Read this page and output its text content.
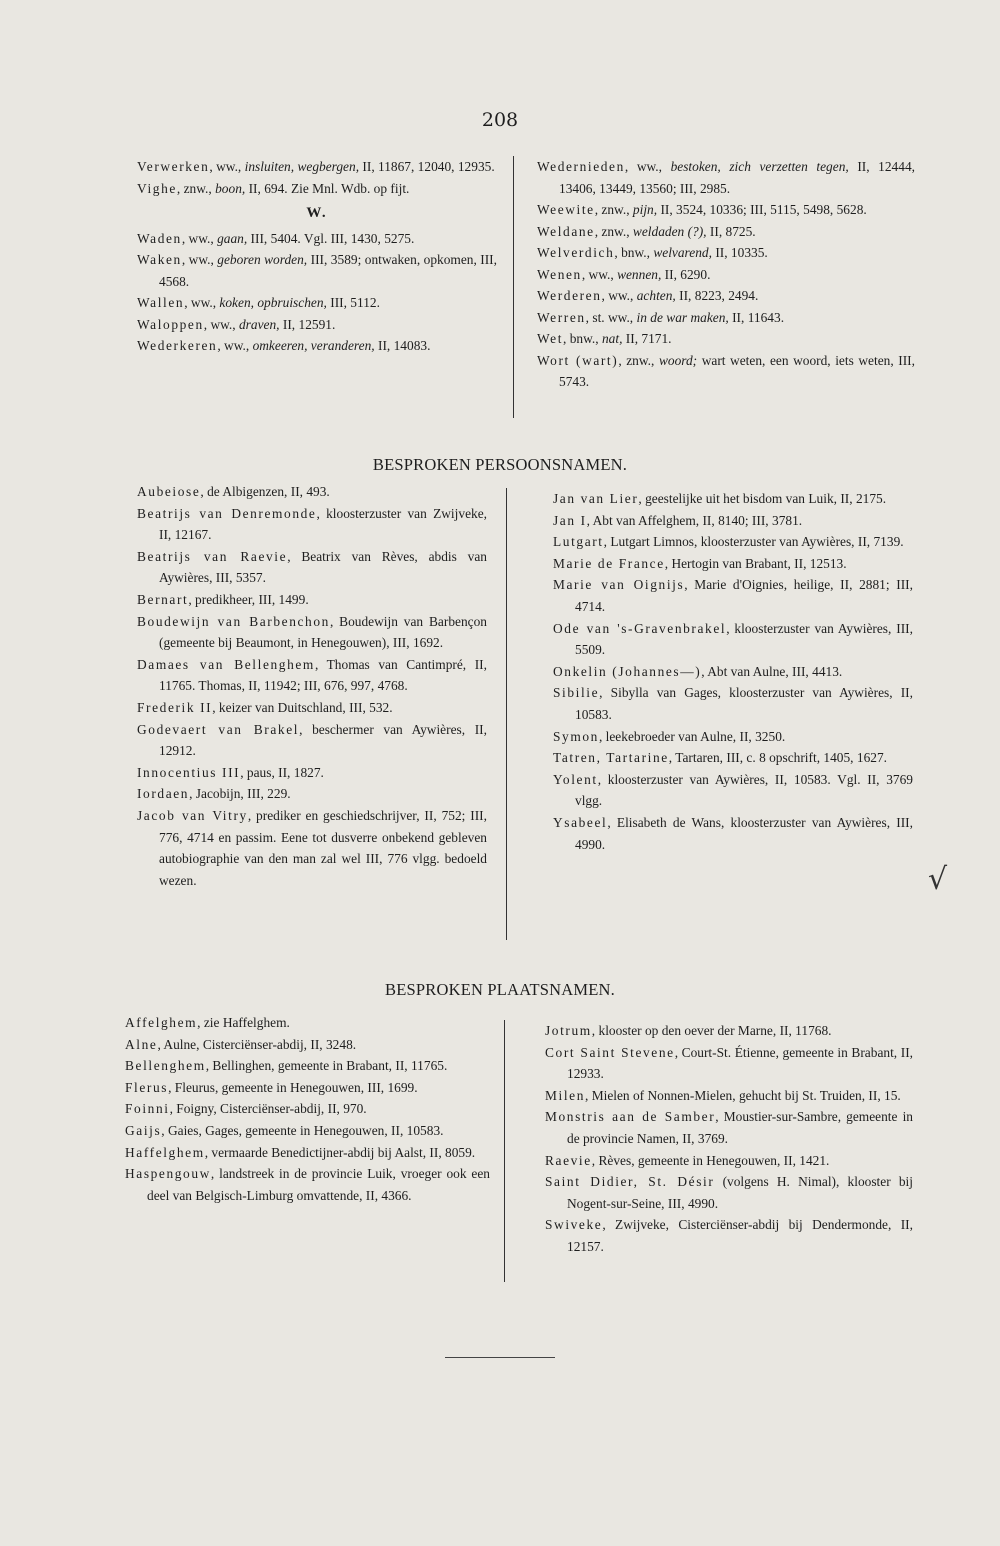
208
Verwerken, ww., insluiten, wegbergen, II, 11867, 12040, 12935.
Vighe, znw., boon, II, 694. Zie Mnl. Wdb. op fijt.
W.
Waden, ww., gaan, III, 5404. Vgl. III, 1430, 5275.
Waken, ww., geboren worden, III, 3589; ontwaken, opkomen, III, 4568.
Wallen, ww., koken, opbruischen, III, 5112.
Waloppen, ww., draven, II, 12591.
Wederkeren, ww., omkeeren, veranderen, II, 14083.
Wedernieden, ww., bestoken, zich verzetten tegen, II, 12444, 13406, 13449, 13560; III, 2985.
Weewite, znw., pijn, II, 3524, 10336; III, 5115, 5498, 5628.
Weldane, znw., weldaden (?), II, 8725.
Welverdich, bnw., welvarend, II, 10335.
Wenen, ww., wennen, II, 6290.
Werderen, ww., achten, II, 8223, 2494.
Werren, st. ww., in de war maken, II, 11643.
Wet, bnw., nat, II, 7171.
Wort (wart), znw., woord; wart weten, een woord, iets weten, III, 5743.
BESPROKEN PERSOONSNAMEN.
Aubeiose, de Albigenzen, II, 493.
Beatrijs van Denremonde, kloosterzuster van Zwijveke, II, 12167.
Beatrijs van Raevie, Beatrix van Rèves, abdis van Aywières, III, 5357.
Bernart, predikheer, III, 1499.
Boudewijn van Barbenchon, Boudewijn van Barbençon (gemeente bij Beaumont, in Henegouwen), III, 1692.
Damaes van Bellenghem, Thomas van Cantimpré, II, 11765. Thomas, II, 11942; III, 676, 997, 4768.
Frederik II, keizer van Duitschland, III, 532.
Godevaert van Brakel, beschermer van Aywières, II, 12912.
Innocentius III, paus, II, 1827.
Iordaen, Jacobijn, III, 229.
Jacob van Vitry, prediker en geschiedschrijver, II, 752; III, 776, 4714 en passim. Eene tot dusverre onbekend gebleven autobiographie van den man zal wel III, 776 vlgg. bedoeld wezen.
Jan van Lier, geestelijke uit het bisdom van Luik, II, 2175.
Jan I, Abt van Affelghem, II, 8140; III, 3781.
Lutgart, Lutgart Limnos, kloosterzuster van Aywières, II, 7139.
Marie de France, Hertogin van Brabant, II, 12513.
Marie van Oignijs, Marie d'Oignies, heilige, II, 2881; III, 4714.
Ode van 's-Gravenbrakel, kloosterzuster van Aywières, III, 5509.
Onkelin (Johannes—), Abt van Aulne, III, 4413.
Sibilie, Sibylla van Gages, kloosterzuster van Aywières, II, 10583.
Symon, leekebroeder van Aulne, II, 3250.
Tatren, Tartarine, Tartaren, III, c. 8 opschrift, 1405, 1627.
Yolent, kloosterzuster van Aywières, II, 10583. Vgl. II, 3769 vlgg.
Ysabeel, Elisabeth de Wans, kloosterzuster van Aywières, III, 4990.
√
BESPROKEN PLAATSNAMEN.
Affelghem, zie Haffelghem.
Alne, Aulne, Cisterciënser-abdij, II, 3248.
Bellenghem, Bellinghen, gemeente in Brabant, II, 11765.
Flerus, Fleurus, gemeente in Henegouwen, III, 1699.
Foinni, Foigny, Cisterciënser-abdij, II, 970.
Gaijs, Gaies, Gages, gemeente in Henegouwen, II, 10583.
Haffelghem, vermaarde Benedictijner-abdij bij Aalst, II, 8059.
Haspengouw, landstreek in de provincie Luik, vroeger ook een deel van Belgisch-Limburg omvattende, II, 4366.
Jotrum, klooster op den oever der Marne, II, 11768.
Cort Saint Stevene, Court-St. Étienne, gemeente in Brabant, II, 12933.
Milen, Mielen of Nonnen-Mielen, gehucht bij St. Truiden, II, 15.
Monstris aan de Samber, Moustier-sur-Sambre, gemeente in de provincie Namen, II, 3769.
Raevie, Rèves, gemeente in Henegouwen, II, 1421.
Saint Didier, St. Désir (volgens H. Nimal), klooster bij Nogent-sur-Seine, III, 4990.
Swiveke, Zwijveke, Cisterciënser-abdij bij Dendermonde, II, 12157.
